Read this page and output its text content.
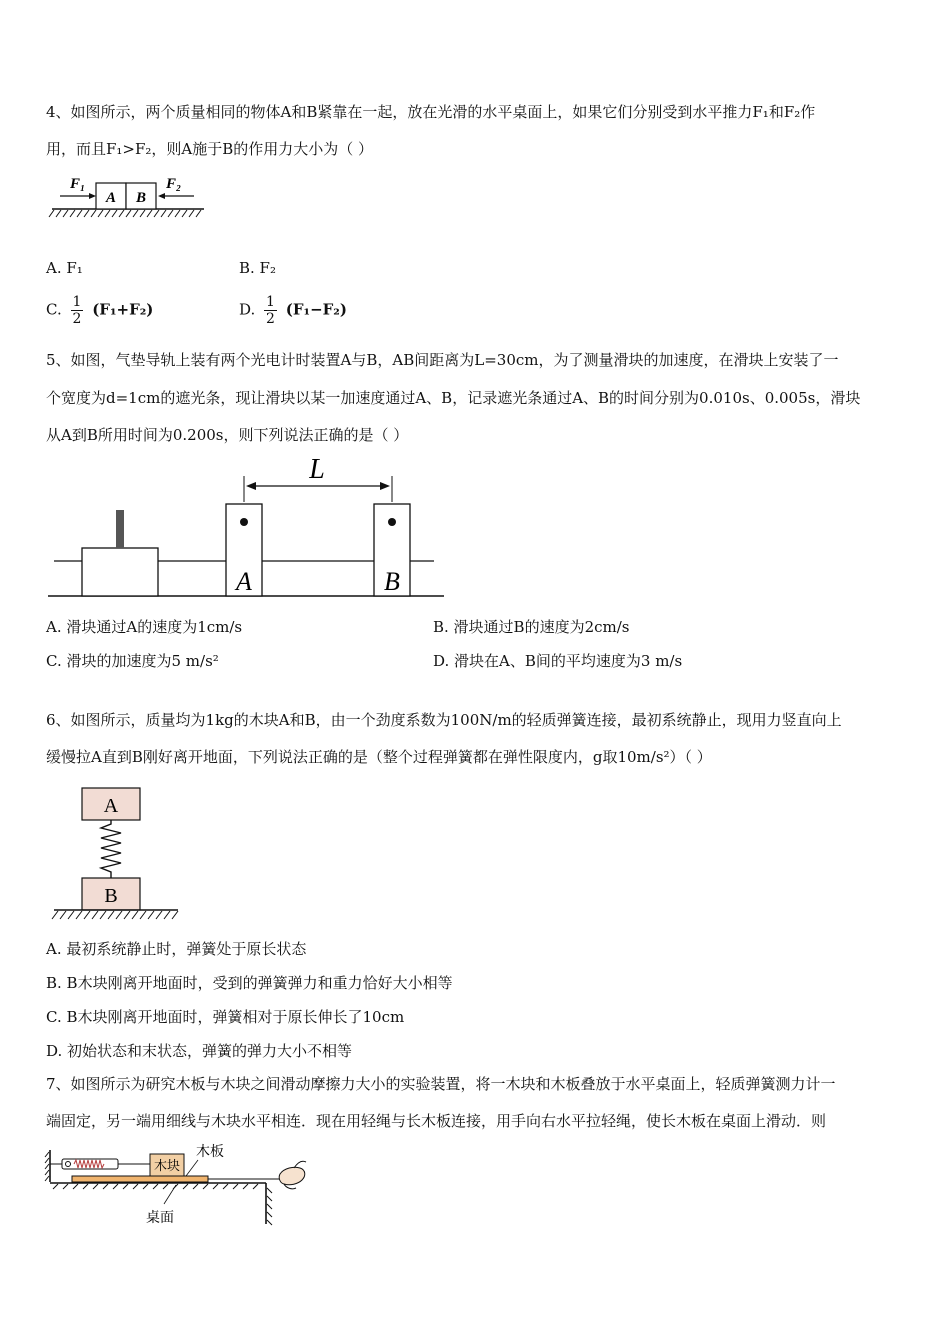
4、如图所示，两个质量相同的物体A和B紧靠在一起，放在光滑的水平桌面上，如果它们分别受到水平推力F₁和F₂作
用，而且F₁>F₂，则A施于B的作用力大小为（ ）
A B
F₁	F₂
A. F₁	B. F₂
C. $\frac{1}{2} (F_1+F_2)$	D. $\frac{1}{2} (F_1-F_2)$
5、如图，气垫导轨上装有两个光电计时装置A与B，AB间距离为L=30cm，为了测量滑块的加速度，在滑块上安装了一
个宽度为d=1cm的遮光条，现让滑块以某一加速度通过A、B，记录遮光条通过A、B的时间分别为0.010s、0.005s，滑块
从A到B所用时间为0.200s，则下列说法正确的是（ ）
L
A	B
A. 滑块通过A的速度为1cm/s	B. 滑块通过B的速度为2cm/s
C. 滑块的加速度为5 m/s²	D. 滑块在A、B间的平均速度为3 m/s
6、如图所示，质量均为1kg的木块A和B，由一个劲度系数为100N/m的轻质弹簧连接，最初系统静止，现用力竖直向上
缓慢拉A直到B刚好离开地面，下列说法正确的是（整个过程弹簧都在弹性限度内，g取10m/s²）（ ）
A
B
A. 最初系统静止时，弹簧处于原长状态
B. B木块刚离开地面时，受到的弹簧弹力和重力恰好大小相等
C. B木块刚离开地面时，弹簧相对于原长伸长了10cm
D. 初始状态和末状态，弹簧的弹力大小不相等
7、如图所示为研究木板与木块之间滑动摩擦力大小的实验装置，将一木块和木板叠放于水平桌面上，轻质弹簧测力计一
端固定，另一端用细线与木块水平相连．现在用轻绳与长木板连接，用手向右水平拉轻绳，使长木板在桌面上滑动．则
木块
木板
桌面
